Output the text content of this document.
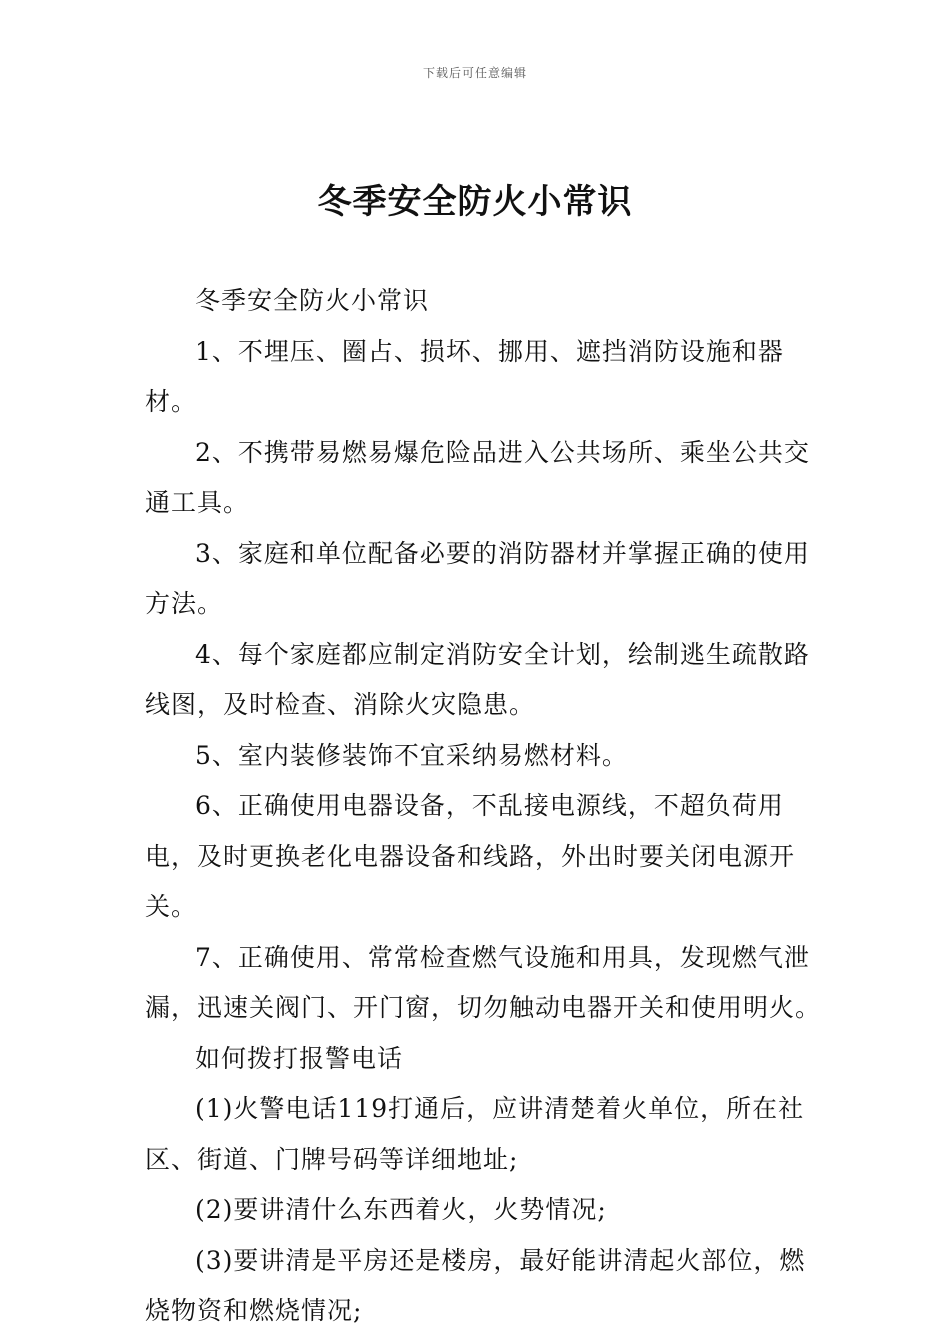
下载后可任意编辑
冬季安全防火小常识

冬季安全防火小常识

1、不埋压、圈占、损坏、挪用、遮挡消防设施和器材。

2、不携带易燃易爆危险品进入公共场所、乘坐公共交通工具。

3、家庭和单位配备必要的消防器材并掌握正确的使用方法。

4、每个家庭都应制定消防安全计划，绘制逃生疏散路线图，及时检查、消除火灾隐患。

5、室内装修装饰不宜采纳易燃材料。

6、正确使用电器设备，不乱接电源线，不超负荷用电，及时更换老化电器设备和线路，外出时要关闭电源开关。

7、正确使用、常常检查燃气设施和用具，发现燃气泄漏，迅速关阀门、开门窗，切勿触动电器开关和使用明火。

如何拨打报警电话

(1)火警电话119打通后，应讲清楚着火单位，所在社区、街道、门牌号码等详细地址;

(2)要讲清什么东西着火，火势情况;

(3)要讲清是平房还是楼房，最好能讲清起火部位，燃烧物资和燃烧情况;
